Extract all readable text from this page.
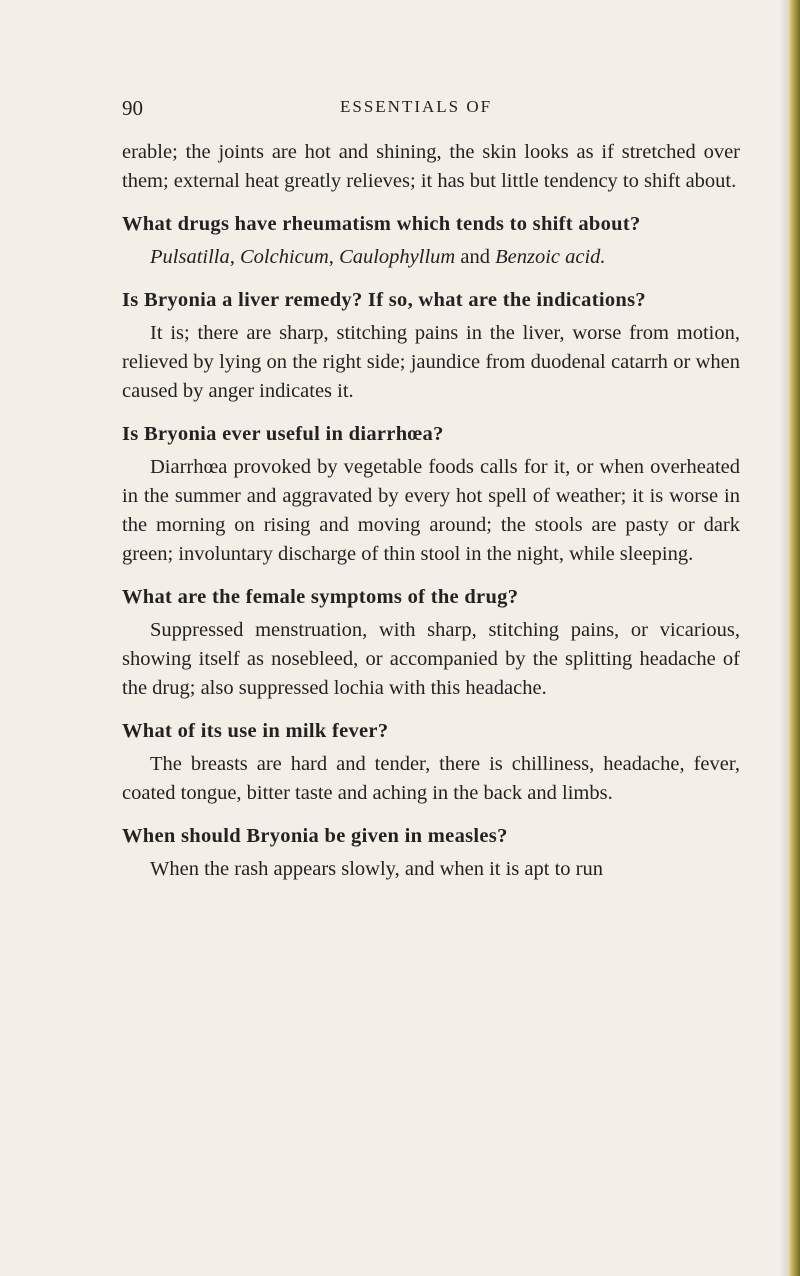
90	ESSENTIALS OF

erable; the joints are hot and shining, the skin looks as if stretched over them; external heat greatly relieves; it has but little tendency to shift about.

What drugs have rheumatism which tends to shift about?

Pulsatilla, Colchicum, Caulophyllum and Benzoic acid.

Is Bryonia a liver remedy? If so, what are the indications?

It is; there are sharp, stitching pains in the liver, worse from motion, relieved by lying on the right side; jaundice from duodenal catarrh or when caused by anger indicates it.

Is Bryonia ever useful in diarrhœa?

Diarrhœa provoked by vegetable foods calls for it, or when overheated in the summer and aggravated by every hot spell of weather; it is worse in the morning on rising and moving around; the stools are pasty or dark green; involuntary discharge of thin stool in the night, while sleeping.

What are the female symptoms of the drug?

Suppressed menstruation, with sharp, stitching pains, or vicarious, showing itself as nosebleed, or accompanied by the splitting headache of the drug; also suppressed lochia with this headache.

What of its use in milk fever?

The breasts are hard and tender, there is chilliness, headache, fever, coated tongue, bitter taste and aching in the back and limbs.

When should Bryonia be given in measles?

When the rash appears slowly, and when it is apt to run
